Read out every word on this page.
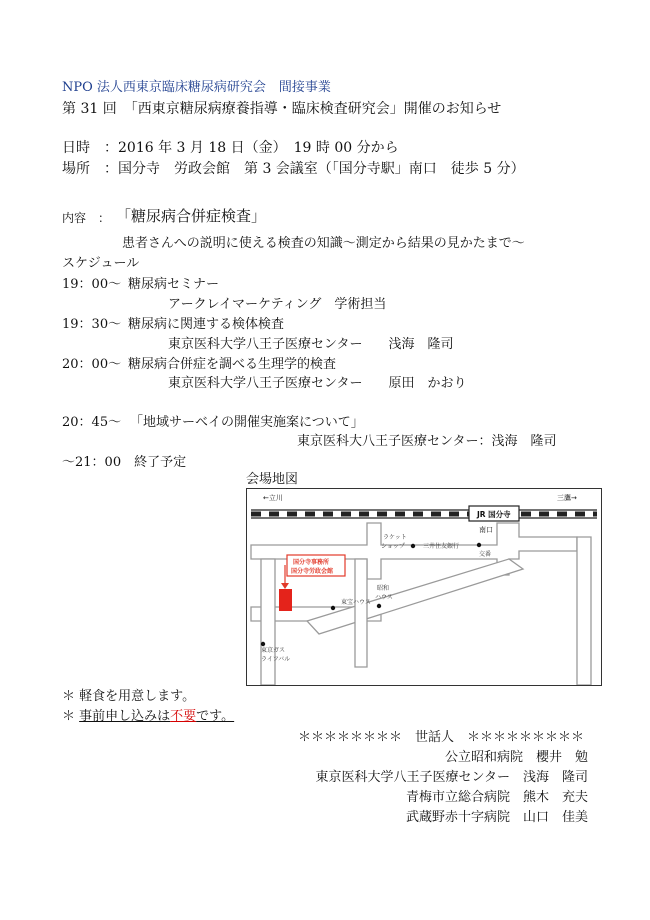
NPO 法人西東京臨床糖尿病研究会　間接事業
第 31 回　「西東京糖尿病療養指導・臨床検査研究会」開催のお知らせ
日時 ：2016 年 3 月 18 日（金）　19 時 00 分から
場所 ：国分寺　労政会館　第 3 会議室（「国分寺駅」南口　徒歩 5 分）
内容　： 「糖尿病合併症検査」
患者さんへの説明に使える検査の知識～測定から結果の見かたまで～
スケジュール
19：00～ 糖尿病セミナー
アークレイマーケティング　学術担当
19：30～ 糖尿病に関連する検体検査
東京医科大学八王子医療センター　　浅海　隆司
20：00～ 糖尿病合併症を調べる生理学的検査
東京医科大学八王子医療センター　　原田　かおり
20：45～ 「地域サーベイの開催実施案について」
東京医科大八王子医療センター：浅海　隆司
～21：00　終了予定
会場地図
←立川	三鷹→
JR 国分寺
南口
ラケット
ショップ	三井住友銀行
交番
国分寺事務所
国分寺労政会館
東宝ハウス
昭和
ハウス
東京ガス
ライフバル
＊ 軽食を用意します。
＊ 事前申し込みは不要です。
＊＊＊＊＊＊＊＊　世話人　＊＊＊＊＊＊＊＊＊
公立昭和病院　櫻井　勉
東京医科大学八王子医療センター　浅海　隆司
青梅市立総合病院　熊木　充夫
武蔵野赤十字病院　山口　佳美
